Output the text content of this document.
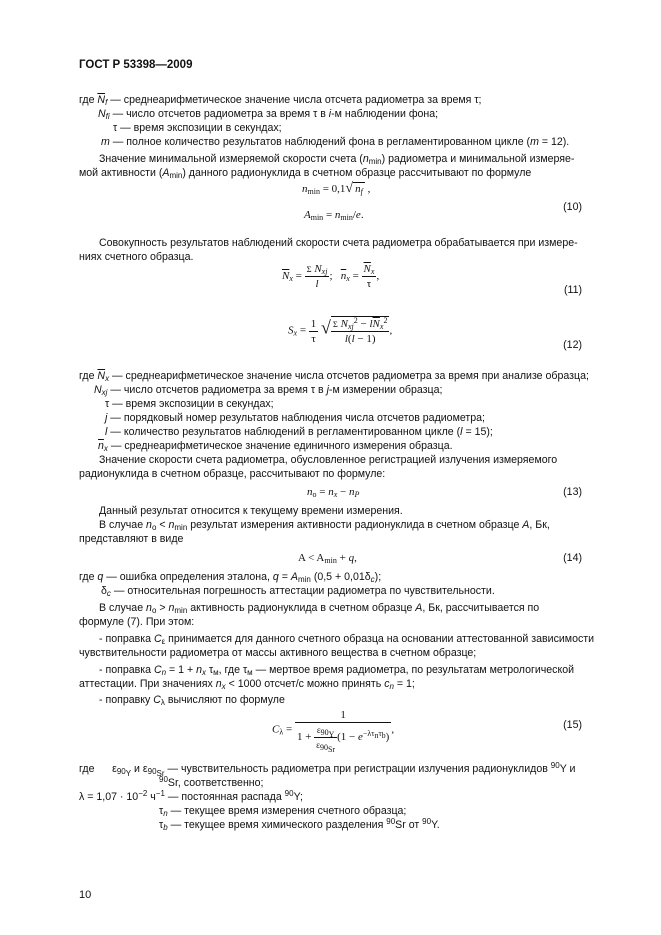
ГОСТ Р 53398—2009
где $\overline{N}_f$ — среднеарифметическое значение числа отсчета радиометра за время τ;
$N_{fi}$ — число отсчетов радиометра за время τ в i-м наблюдении фона;
τ — время экспозиции в секундах;
m — полное количество результатов наблюдений фона в регламентированном цикле (m = 12).
Значение минимальной измеряемой скорости счета $(n_{min})$ радиометра и минимальной измеряе-
мой активности $(A_{min})$ данного радионуклида в счетном образце рассчитывают по формуле
$n_{min} = 0,1√$ $n_f$ ,
$A_{min} = n_{min}/e$.
(10)
Совокупность результатов наблюдений скорости счета радиометра обрабатывается при измере-
ниях счетного образца.
$\overline{N}_x = \frac{\Sigma N_{xj}}{l}$ ;   $\overline{n}_x = \frac{\overline{N}_x}{\tau}$ ,
(11)
$S_x = \frac{1}{\tau}$ √ $\frac{\Sigma N_{xj}^2 - l\overline{N}_x^2}{l(l - 1)}$ ,
(12)
где $\overline{N}_x$ — среднеарифметическое значение числа отсчетов радиометра за время при анализе образца;
$N_{xj}$ — число отсчетов радиометра за время τ в j-м измерении образца;
τ — время экспозиции в секундах;
j — порядковый номер результатов наблюдения числа отсчетов радиометра;
l — количество результатов наблюдений в регламентированном цикле (l = 15);
$\overline{n}_x$ — среднеарифметическое значение единичного измерения образца.
Значение скорости счета радиометра, обусловленное регистрацией излучения измеряемого
радионуклида в счетном образце, рассчитывают по формуле:
$n_o = n_x - n_P$	(13)
Данный результат относится к текущему времени измерения.
В случае $n_o < n_{min}$ результат измерения активности радионуклида в счетном образце A, Бк,
представляют в виде
$A < A_{min} + q$,	(14)
где q — ошибка определения эталона, $q = A_{min}$ $(0,5 + 0,01\delta_c)$;
$\delta_c$ — относительная погрешность аттестации радиометра по чувствительности.
В случае $n_o > n_{min}$ активность радионуклида в счетном образце A, Бк, рассчитывается по
формуле (7). При этом:
- поправка $C_\varepsilon$ принимается для данного счетного образца на основании аттестованной зависимости
чувствительности радиометра от массы активного вещества в счетном образце;
- поправка $C_n = 1 + n_x$ $\tau_м$, где $\tau_м$ — мертвое время радиометра, по результатам метрологической
аттестации. При значениях $n_x < 1000$ отсчет/с можно принять $c_n = 1$;
- поправку $C_\lambda$ вычисляют по формуле
$C_\lambda = \frac{1}{1 + \frac{\varepsilon_{90_Y}}{\varepsilon_{90_{Sr}}} (1 - e^{-\lambda\tau_n\tau_b})}$ ,	(15)
где      $\varepsilon_{90_Y}$ и $\varepsilon_{90_{Sr}}$ — чувствительность радиометра при регистрации излучения радионуклидов $^{90}$Y и
$^{90}$Sr, соответственно;
$\lambda = 1,07 \cdot 10^{-2}$ $ч^{-1}$ — постоянная распада $^{90}$Y;
$\tau_n$ — текущее время измерения счетного образца;
$\tau_b$ — текущее время химического разделения $^{90}$Sr от $^{90}$Y.
10
